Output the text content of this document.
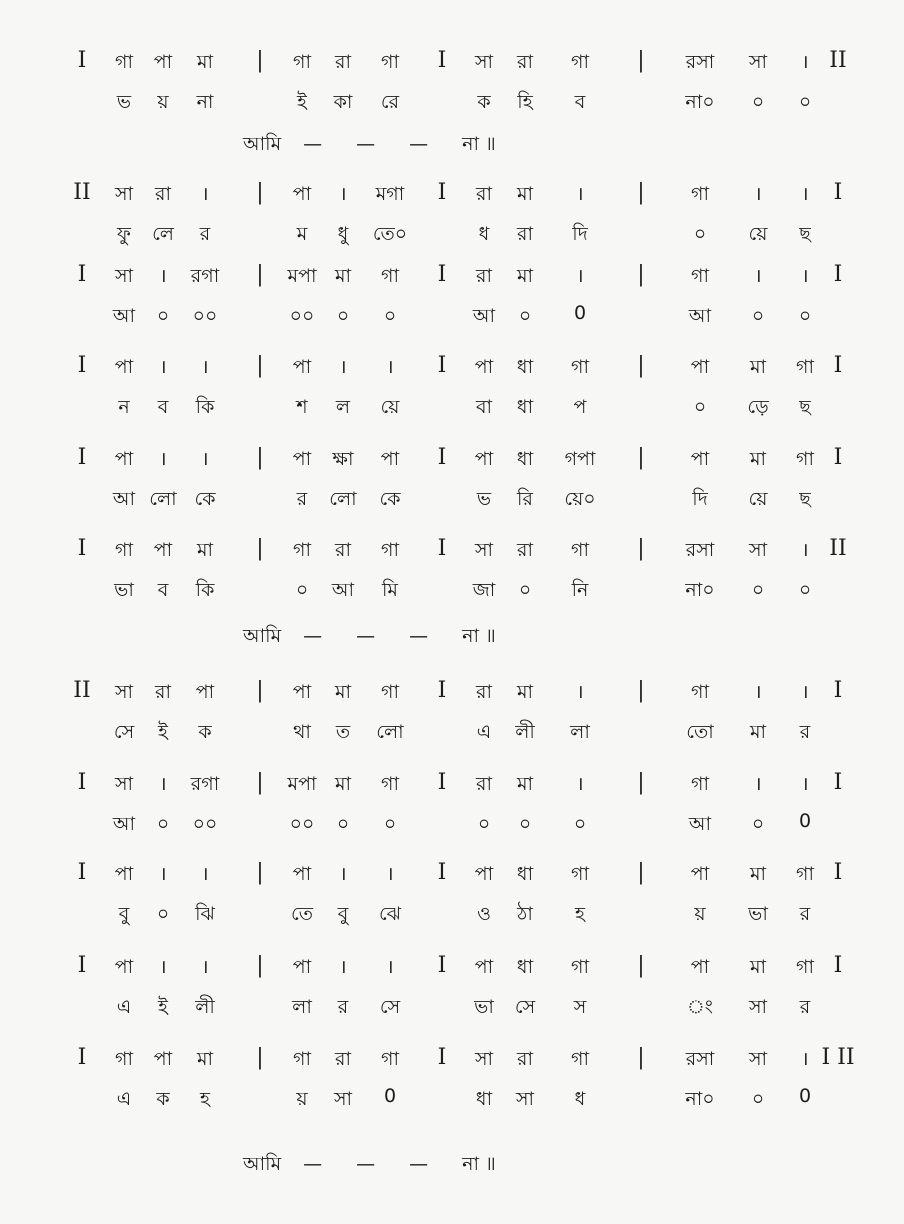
I গা পা মা | গা রা গা I সা রা গা | রসা সা । II
ভ য় না	ই কা রে	ক হি ব	না০ ০ ০
আমি — — — না ॥
II সা রা । | পা । মগা I রা মা । | গা । । I
ফু লে র	ম ধু তে০	ধ রা দি	০ য়ে ছ
I সা । রগা | মপা মা গা I রা মা । | গা । । I
আ ০ ০০	০০ ০ ০	আ ০ 0	আ ০ ০
I পা । । | পা । । I পা ধা গা | পা মা গা I
ন ব কি	শ ল য়ে	বা ধা প	০ ড়ে ছ
I পা । । | পা ক্ষা পা I পা ধা গপা | পা মা গা I
আ লো কে	র লো কে	ভ রি য়ে০	দি য়ে ছ
I গা পা মা | গা রা গা I সা রা গা | রসা সা । II
ভা ব কি	০ আ মি	জা ০ নি	না০ ০ ০
আমি — — — না ॥
II সা রা পা | পা মা গা I রা মা । | গা । । I
সে ই ক	থা ত লো	এ লী লা	তো মা র
I সা । রগা | মপা মা গা I রা মা । | গা । । I
আ ০ ০০	০০ ০ ০	০ ০ ০	আ ০ 0
I পা । । | পা । । I পা ধা গা | পা মা গা I
বু ০ ঝি	তে বু ঝে	ও ঠা হ	য় ভা র
I পা । । | পা । । I পা ধা গা | পা মা গা I
এ ই লী	লা র সে	ভা সে স	ং সা র
I গা পা মা | গা রা গা I সা রা গা | রসা সা । I II
এ ক হ	য় সা 0	ধা সা ধ	না০ ০ 0
আমি — — — না ॥
